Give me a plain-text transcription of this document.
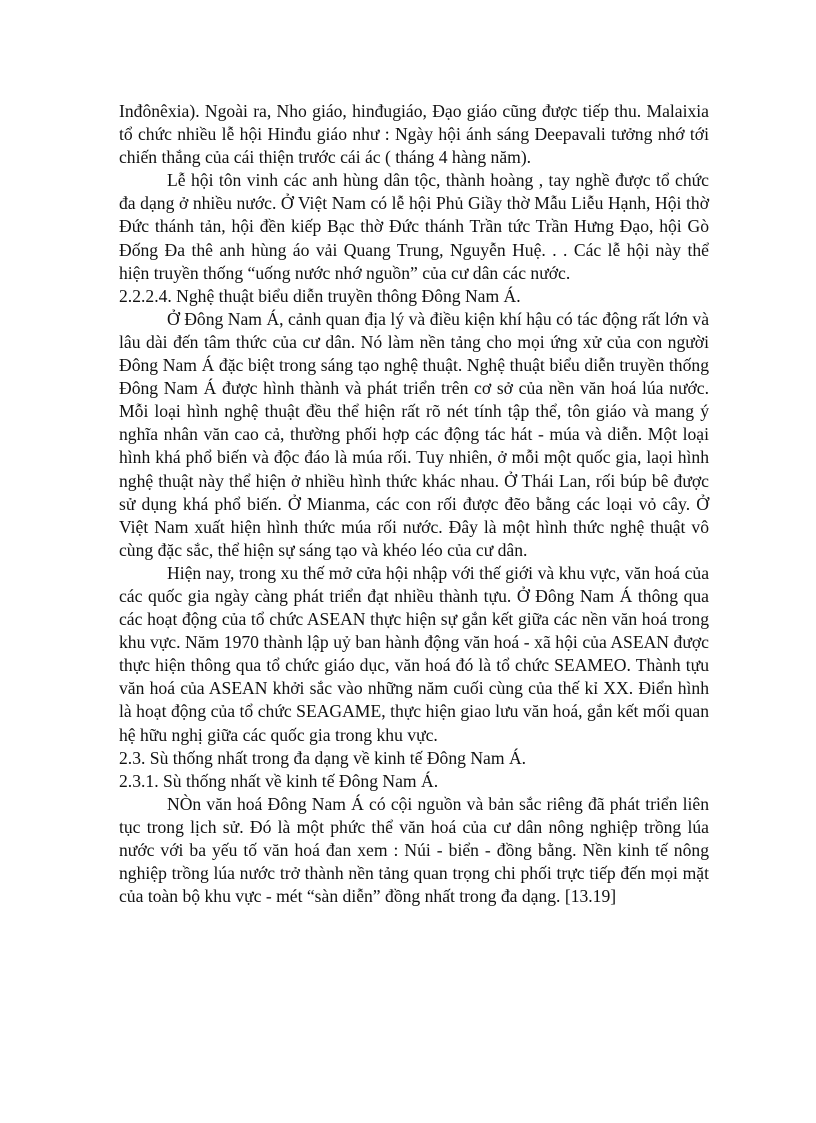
Inđônêxia). Ngoài ra, Nho giáo, hinđugiáo, Đạo giáo cũng được tiếp thu. Malaixia tổ chức nhiều lễ hội Hinđu giáo như : Ngày hội ánh sáng Deepavali tưởng nhớ tới chiến thắng của cái thiện trước cái ác ( tháng 4 hàng năm).

Lễ hội tôn vinh các anh hùng dân tộc, thành hoàng , tay nghề được tổ chức đa dạng ở nhiều nước. Ở Việt Nam có lễ hội Phủ Giầy thờ Mẫu Liễu Hạnh, Hội thờ Đức thánh tản, hội đền kiếp Bạc thờ Đức thánh Trần tức Trần Hưng Đạo, hội Gò Đống Đa thê anh hùng áo vải Quang Trung, Nguyễn Huệ. . . Các lễ hội này thể hiện truyền thống “uống nước nhớ nguồn” của cư dân các nước.

2.2.2.4. Nghệ thuật biểu diễn truyền thông Đông Nam Á.

Ở Đông Nam Á, cảnh quan địa lý và điều kiện khí hậu có tác động rất lớn và lâu dài đến tâm thức của cư dân. Nó làm nền tảng cho mọi ứng xử của con người Đông Nam Á đặc biệt trong sáng tạo nghệ thuật. Nghệ thuật biểu diễn truyền thống Đông Nam Á được hình thành và phát triển trên cơ sở của nền văn hoá lúa nước. Mỗi loại hình nghệ thuật đều thể hiện rất rõ nét tính tập thể, tôn giáo và mang ý nghĩa nhân văn cao cả, thường phối hợp các động tác hát - múa và diễn. Một loại hình khá phổ biến và độc đáo là múa rối. Tuy nhiên, ở mỗi một quốc gia, laọi hình nghệ thuật này thể hiện ở nhiều hình thức khác nhau. Ở Thái Lan, rối búp bê được sử dụng khá phổ biến. Ở Mianma, các con rối được đẽo bằng các loại vỏ cây. Ở Việt Nam xuất hiện hình thức múa rối nước. Đây là một hình thức nghệ thuật vô cùng đặc sắc, thể hiện sự sáng tạo và khéo léo của cư dân.

Hiện nay, trong xu thế mở cửa hội nhập với thế giới và khu vực, văn hoá của các quốc gia ngày càng phát triển đạt nhiều thành tựu. Ở Đông Nam Á thông qua các hoạt động của tổ chức ASEAN thực hiện sự gắn kết giữa các nền văn hoá trong khu vực. Năm 1970 thành lập uỷ ban hành động văn hoá - xã hội của ASEAN được thực hiện thông qua tổ chức giáo dục, văn hoá đó là tổ chức SEAMEO. Thành tựu văn hoá của ASEAN khởi sắc vào những năm cuối cùng của thế kỉ XX. Điển hình là hoạt động của tổ chức SEAGAME, thực hiện giao lưu văn hoá, gắn kết mối quan hệ hữu nghị giữa các quốc gia trong khu vực.

2.3. Sù thống nhất trong đa dạng về kinh tế Đông Nam Á.

2.3.1. Sù thống nhất về kinh tế Đông Nam Á.

NÒn văn hoá Đông Nam Á có cội nguồn và bản sắc riêng đã phát triển liên tục trong lịch sử. Đó là một phức thể văn hoá của cư dân nông nghiệp trồng lúa nước với ba yếu tố văn hoá đan xem : Núi - biển - đồng bằng. Nền kinh tế nông nghiệp trồng lúa nước trở thành nền tảng quan trọng chi phối trực tiếp đến mọi mặt của toàn bộ khu vực - mét “sàn diễn” đồng nhất trong đa dạng. [13.19]
